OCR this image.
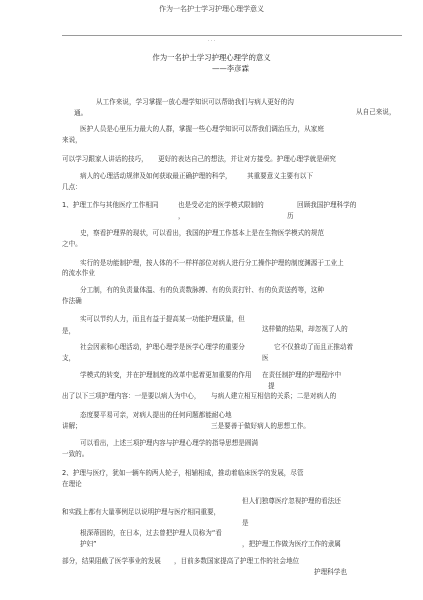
作为一名护士学习护理心理学意义
· · ·
作为一名护士学习护理心理学的意义
——李彦霖
从工作来说，学习掌握一放心理学知识可以帮助我们与病人更好的沟
通。	从自己来说，
医护人员是心里压力最大的人群，掌握一些心理学知识可以帮我们调治压力，从家庭
来说，
可以学习跟家人讲话的技巧， 更好的表达自己的想法，并让对方接受。护理心理学就是研究
病人的心理活动规律及如何获取最正确护理的科学， 其重要意义主要有以下
几点：
1、护理工作与其他医疗工作相同	也是受必定的医学模式限制的	回顾我国护理科学的
，	历
史，察看护理界的现状，可以看出，我国的护理工作基本上是在生物医学模式的规范
之中。
实行的是功能制护理，按人体的不一样样部位对病人进行分工操作护理的制度渊源于工业上
的流水作业
分工制，有的负责量体温、有的负责数脉搏、有的负责打针、有的负责送药等，这种
作法确
实可以节约人力，而且有益于提高某一功能护理质量，但
是，	这样做的结果，却忽视了人的
社会因素和心理活动，护理心理学是医学心理学的重要分	它不仅推动了而且正推动着
支，	医
学模式的转变，并在护理制度的改革中起着更加重要的作用 在责任制护理的护理程序中
提
出了以下三项护理内容：一是要以病人为中心， 与病人建立相互相信的关系；二是对病人的
态度要平易可亲，对病人提出的任何问题都能耐心地
讲解；	三是要善于做好病人的思想工作。
可以看出，上述三项护理内容与护理心理学的指导思想是圆满
一致的。
2、护理与医疗，犹如一辆车的两人轮子，相辅相成，推动着临床医学的发展，尽管
在理论
但人们独尊医疗忽视护理的看法还
和实践上都有大量事例足以说明护理与医疗相同重要，
是
根深蒂固的，在日本，过去曾把护理人员称为“看
护妇”	，把护理工作做为医疗工作的隶属
部分，结果阻截了医学事业的发展 ，目前多数国家提高了护理工作的社会地位
护理科学也
